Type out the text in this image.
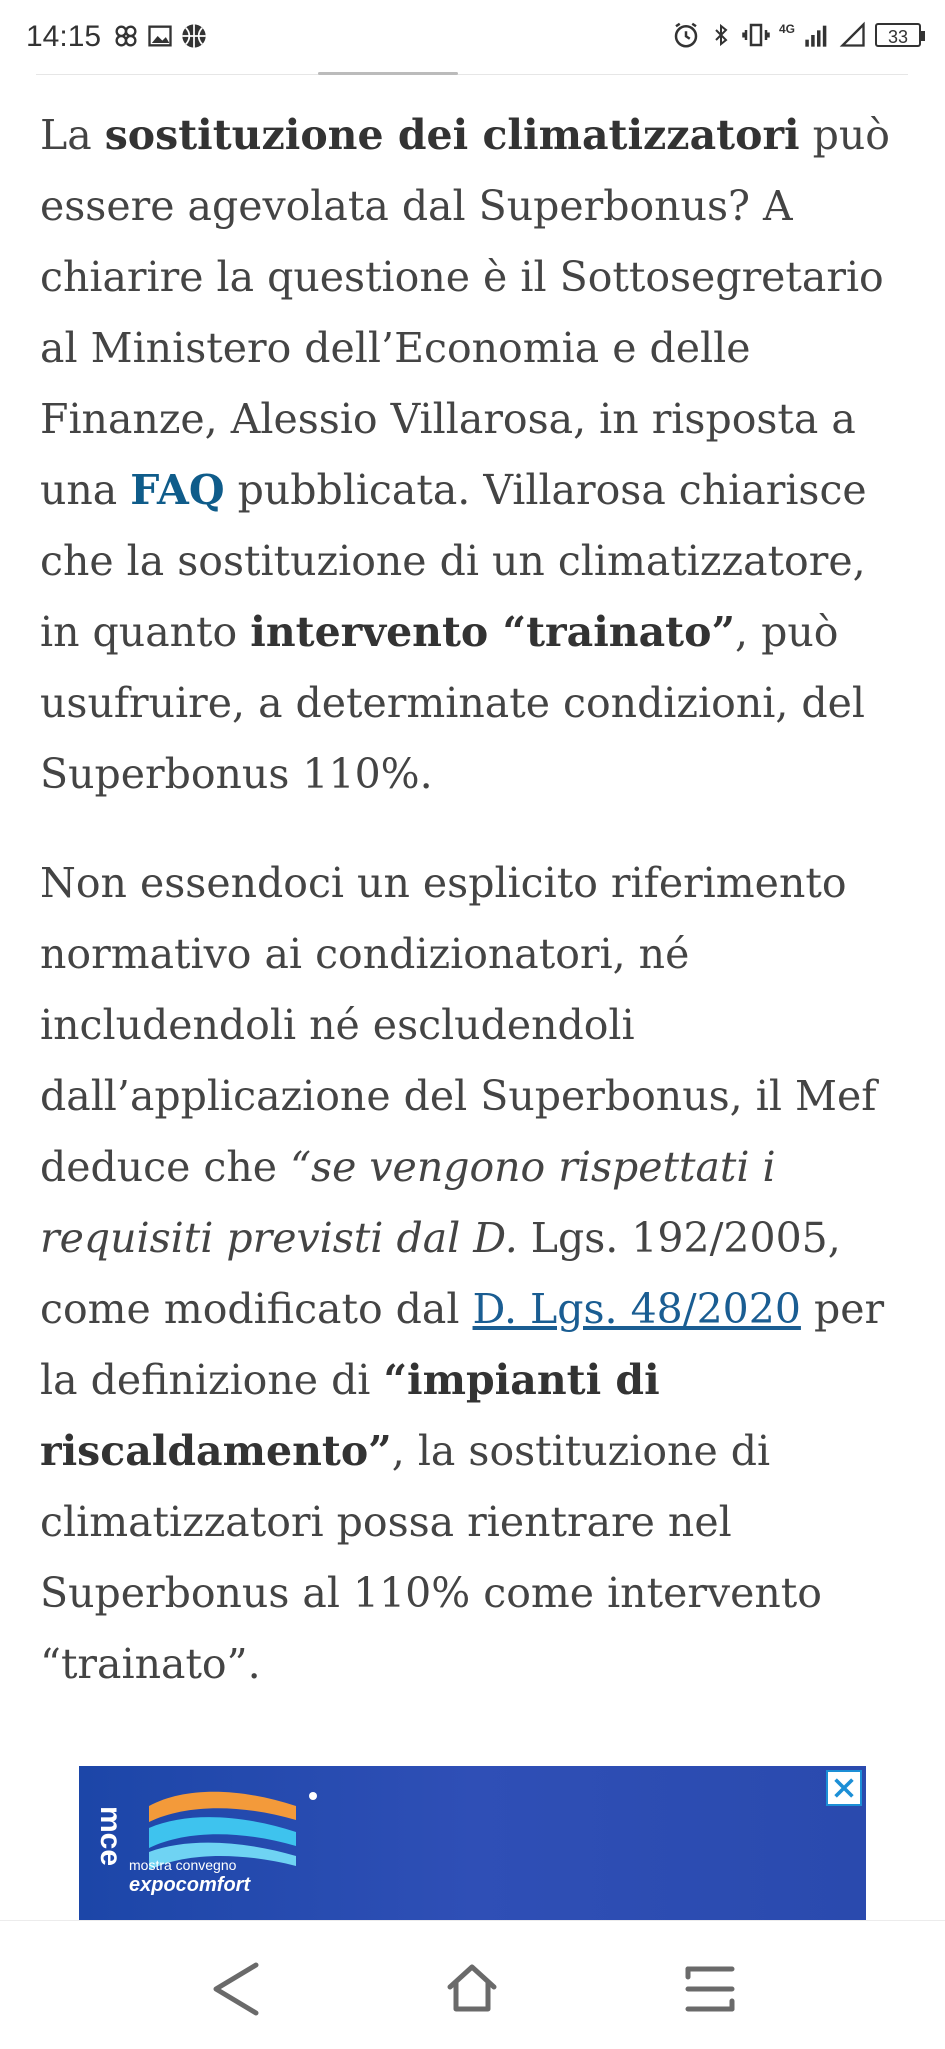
14:15	4G	33

La sostituzione dei climatizzatori può essere agevolata dal Superbonus? A chiarire la questione è il Sottosegretario al Ministero dell’Economia e delle Finanze, Alessio Villarosa, in risposta a una FAQ pubblicata. Villarosa chiarisce che la sostituzione di un climatizzatore, in quanto intervento “trainato”, può usufruire, a determinate condizioni, del Superbonus 110%.

Non essendoci un esplicito riferimento normativo ai condizionatori, né includendoli né escludendoli dall’applicazione del Superbonus, il Mef deduce che “se vengono rispettati i requisiti previsti dal D. Lgs. 192/2005, come modificato dal D. Lgs. 48/2020 per la definizione di “impianti di riscaldamento”, la sostituzione di climatizzatori possa rientrare nel Superbonus al 110% come intervento “trainato”.

mce mostra convegno
expocomfort
